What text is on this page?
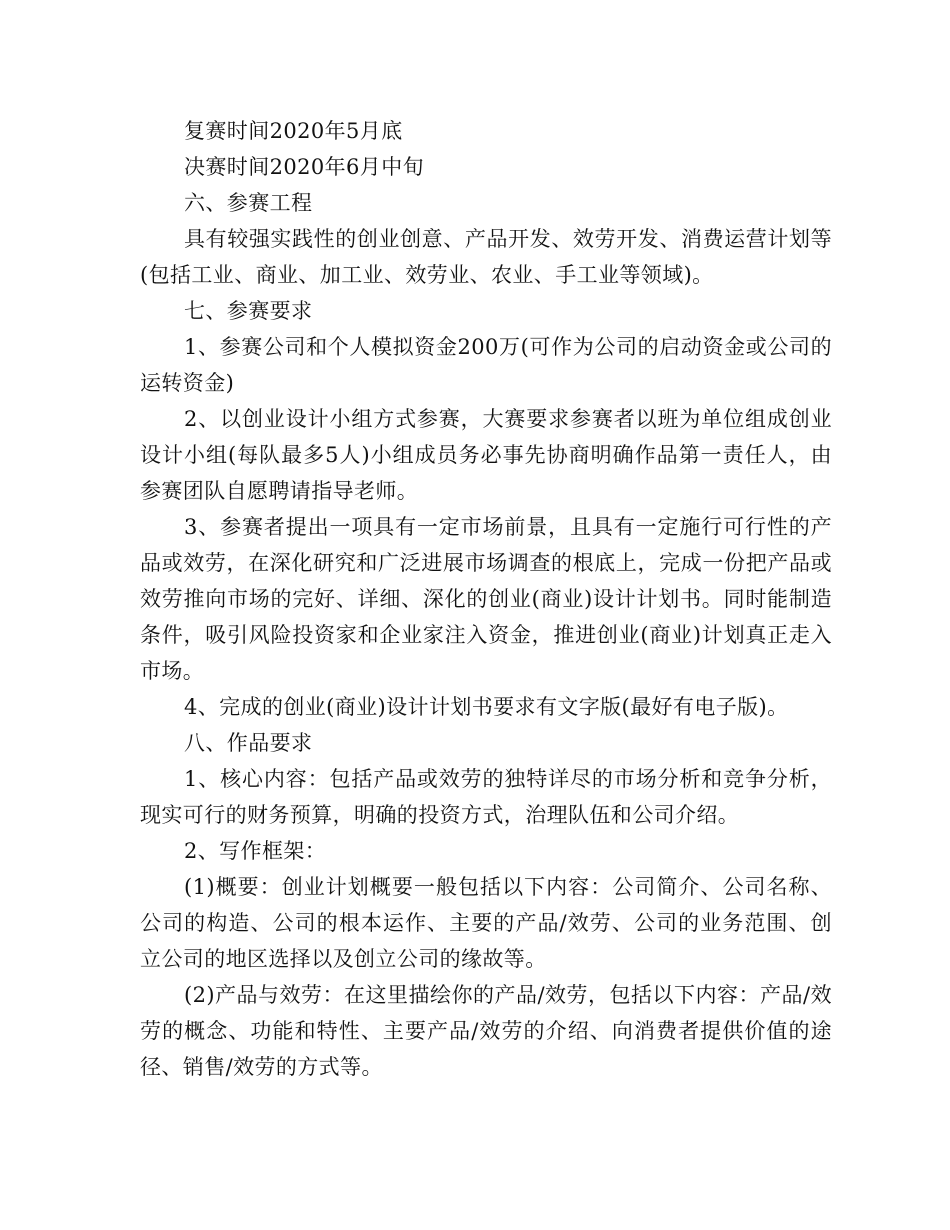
复赛时间2020年5月底

决赛时间2020年6月中旬

六、参赛工程

具有较强实践性的创业创意、产品开发、效劳开发、消费运营计划等(包括工业、商业、加工业、效劳业、农业、手工业等领域)。

七、参赛要求

1、参赛公司和个人模拟资金200万(可作为公司的启动资金或公司的运转资金)

2、以创业设计小组方式参赛，大赛要求参赛者以班为单位组成创业设计小组(每队最多5人)小组成员务必事先协商明确作品第一责任人，由参赛团队自愿聘请指导老师。

3、参赛者提出一项具有一定市场前景，且具有一定施行可行性的产品或效劳，在深化研究和广泛进展市场调查的根底上，完成一份把产品或效劳推向市场的完好、详细、深化的创业(商业)设计计划书。同时能制造条件，吸引风险投资家和企业家注入资金，推进创业(商业)计划真正走入市场。

4、完成的创业(商业)设计计划书要求有文字版(最好有电子版)。

八、作品要求

1、核心内容：包括产品或效劳的独特详尽的市场分析和竞争分析，现实可行的财务预算，明确的投资方式，治理队伍和公司介绍。

2、写作框架：

(1)概要：创业计划概要一般包括以下内容：公司简介、公司名称、公司的构造、公司的根本运作、主要的产品/效劳、公司的业务范围、创立公司的地区选择以及创立公司的缘故等。

(2)产品与效劳：在这里描绘你的产品/效劳，包括以下内容：产品/效劳的概念、功能和特性、主要产品/效劳的介绍、向消费者提供价值的途径、销售/效劳的方式等。
